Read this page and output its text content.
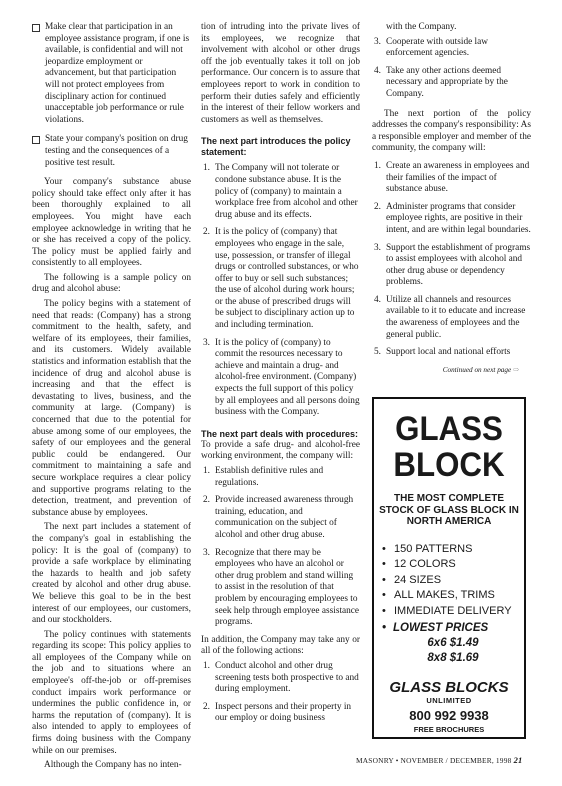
Make clear that participation in an employee assistance program, if one is available, is confidential and will not jeopardize employment or advancement, but that participation will not protect employees from disciplinary action for continued unacceptable job performance or rule violations.
State your company's position on drug testing and the consequences of a positive test result.

Your company's substance abuse policy should take effect only after it has been thoroughly explained to all employees. You might have each employee acknowledge in writing that he or she has received a copy of the policy. The policy must be applied fairly and consistently to all employees.

The following is a sample policy on drug and alcohol abuse:

The policy begins with a statement of need that reads: (Company) has a strong commitment to the health, safety, and welfare of its employees, their families, and its customers. Widely available statistics and information establish that the incidence of drug and alcohol abuse is increasing and that the effect is devastating to lives, business, and the community at large. (Company) is concerned that due to the potential for abuse among some of our employees, the safety of our employees and the general public could be endangered. Our commitment to maintaining a safe and secure workplace requires a clear policy and supportive programs relating to the detection, treatment, and prevention of substance abuse by employees.

The next part includes a statement of the company's goal in establishing the policy: It is the goal of (company) to provide a safe workplace by eliminating the hazards to health and job safety created by alcohol and other drug abuse. We believe this goal to be in the best interest of our employees, our customers, and our stockholders.

The policy continues with statements regarding its scope: This policy applies to all employees of the Company while on the job and to situations where an employee's off-the-job or off-premises conduct impairs work performance or undermines the public confidence in, or harms the reputation of (company). It is also intended to apply to employees of firms doing business with the Company while on our premises.

Although the Company has no inten-

tion of intruding into the private lives of its employees, we recognize that involvement with alcohol or other drugs off the job eventually takes it toll on job performance. Our concern is to assure that employees report to work in condition to perform their duties safely and efficiently in the interest of their fellow workers and customers as well as themselves.

The next part introduces the policy statement:
1. The Company will not tolerate or condone substance abuse. It is the policy of (company) to maintain a workplace free from alcohol and other drug abuse and its effects.
2. It is the policy of (company) that employees who engage in the sale, use, possession, or transfer of illegal drugs or controlled substances, or who offer to buy or sell such substances; the use of alcohol during work hours; or the abuse of prescribed drugs will be subject to disciplinary action up to and including termination.
3. It is the policy of (company) to commit the resources necessary to achieve and maintain a drug- and alcohol-free environment. (Company) expects the full support of this policy by all employees and all persons doing business with the Company.
The next part deals with procedures:

To provide a safe drug- and alcohol-free working environment, the company will:

1. Establish definitive rules and regulations.
2. Provide increased awareness through training, education, and communication on the subject of alcohol and other drug abuse.
3. Recognize that there may be employees who have an alcohol or other drug problem and stand willing to assist in the resolution of that problem by encouraging employees to seek help through employee assistance programs.

In addition, the Company may take any or all of the following actions:

1. Conduct alcohol and other drug screening tests both prospective to and during employment.
2. Inspect persons and their property in our employ or doing business

with the Company.

3. Cooperate with outside law enforcement agencies.
4. Take any other actions deemed necessary and appropriate by the Company.

The next portion of the policy addresses the company's responsibility: As a responsible employer and member of the community, the company will:

1. Create an awareness in employees and their families of the impact of substance abuse.
2. Administer programs that consider employee rights, are positive in their intent, and are within legal boundaries.
3. Support the establishment of programs to assist employees with alcohol and other drug abuse or dependency problems.
4. Utilize all channels and resources available to it to educate and increase the awareness of employees and the general public.
5. Support local and national efforts
Continued on next page ⇨
GLASS
BLOCK
THE MOST COMPLETE STOCK OF GLASS BLOCK IN NORTH AMERICA
• 150 PATTERNS
• 12 COLORS
• 24 SIZES
• ALL MAKES, TRIMS
• IMMEDIATE DELIVERY
• LOWEST PRICES
6x6 $1.49
8x8 $1.69
GLASS BLOCKS
UNLIMITED
800 992 9938
FREE BROCHURES
MASONRY • NOVEMBER / DECEMBER, 1998 21
